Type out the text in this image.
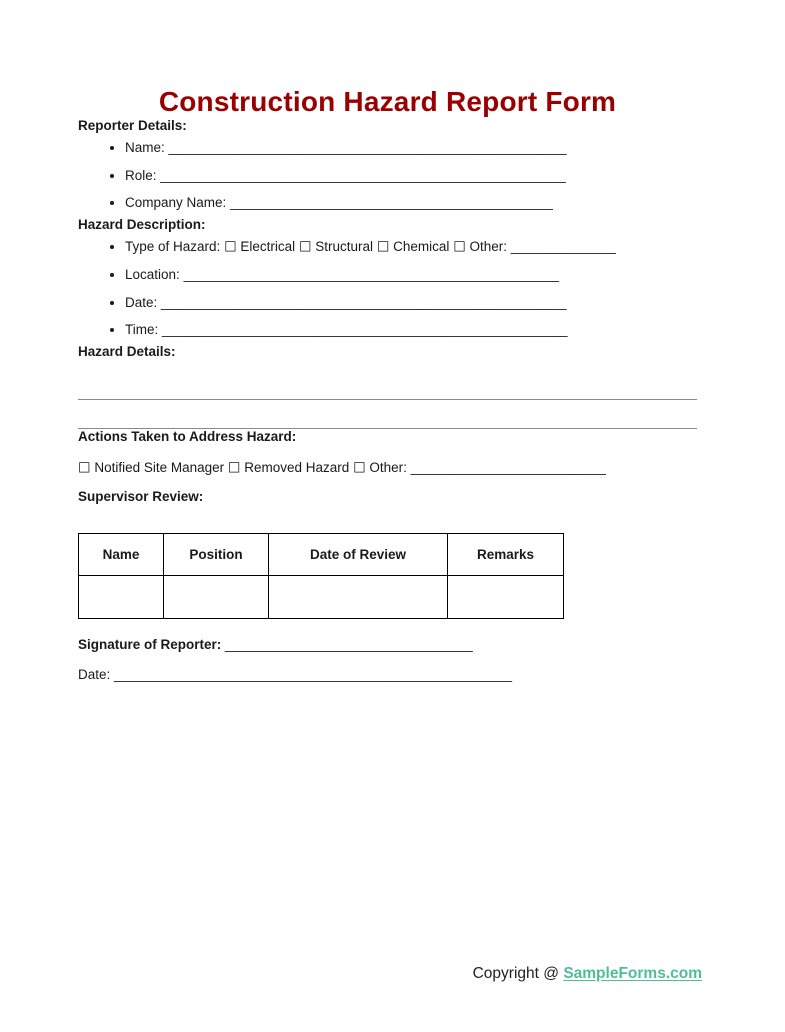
Construction Hazard Report Form
Reporter Details:
• Name: _____________________________________________________
• Role: ______________________________________________________
• Company Name: ___________________________________________
Hazard Description:
• Type of Hazard: ☐ Electrical ☐ Structural ☐ Chemical ☐ Other: ______________
• Location: __________________________________________________
• Date: ______________________________________________________
• Time: ______________________________________________________
Hazard Details:
Actions Taken to Address Hazard:

☐ Notified Site Manager ☐ Removed Hazard ☐ Other: __________________________

Supervisor Review:
Name	Position	Date of Review	Remarks

Signature of Reporter: _________________________________

Date: _____________________________________________________

Copyright @ SampleForms.com
